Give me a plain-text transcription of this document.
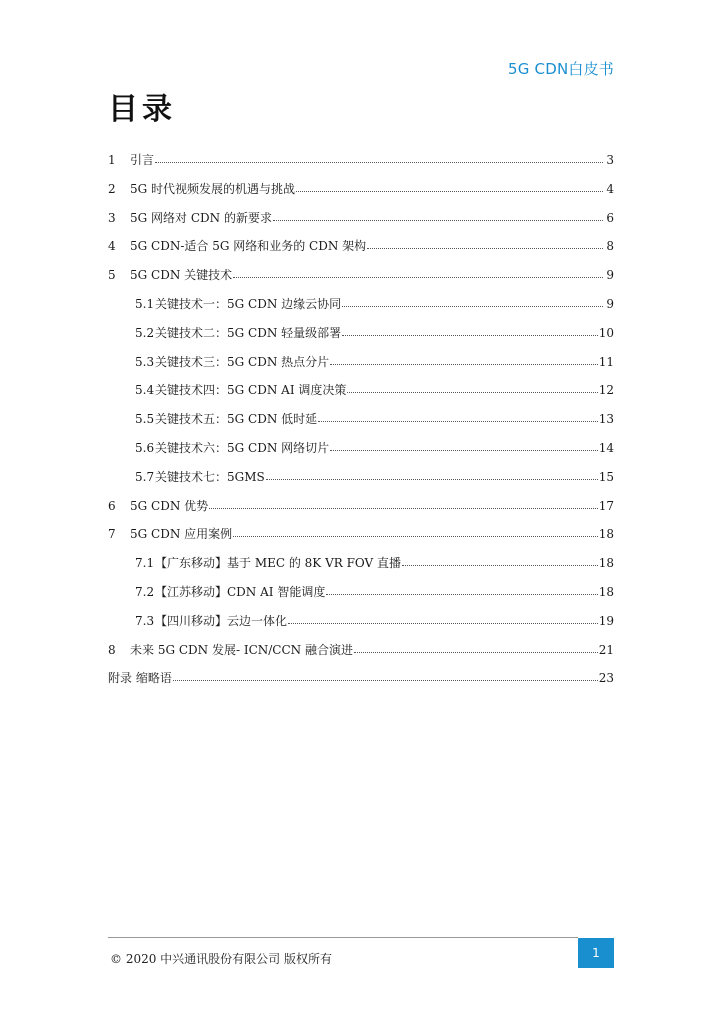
5G CDN白皮书
目录
1	引言	3
2	5G 时代视频发展的机遇与挑战	4
3	5G 网络对 CDN 的新要求	6
4	5G CDN-适合 5G 网络和业务的 CDN 架构	8
5	5G CDN 关键技术	9
5.1 关键技术一：5G CDN 边缘云协同	9
5.2 关键技术二：5G CDN 轻量级部署	10
5.3 关键技术三：5G CDN 热点分片	11
5.4 关键技术四：5G CDN AI 调度决策	12
5.5 关键技术五：5G CDN 低时延	13
5.6 关键技术六：5G CDN 网络切片	14
5.7 关键技术七：5GMS	15
6	5G CDN 优势	17
7	5G CDN 应用案例	18
7.1 【广东移动】基于 MEC 的 8K VR FOV 直播	18
7.2 【江苏移动】CDN AI 智能调度	18
7.3 【四川移动】云边一体化	19
8	未来 5G CDN 发展- ICN/CCN 融合演进	21
附录 缩略语	23
© 2020 中兴通讯股份有限公司 版权所有	1
